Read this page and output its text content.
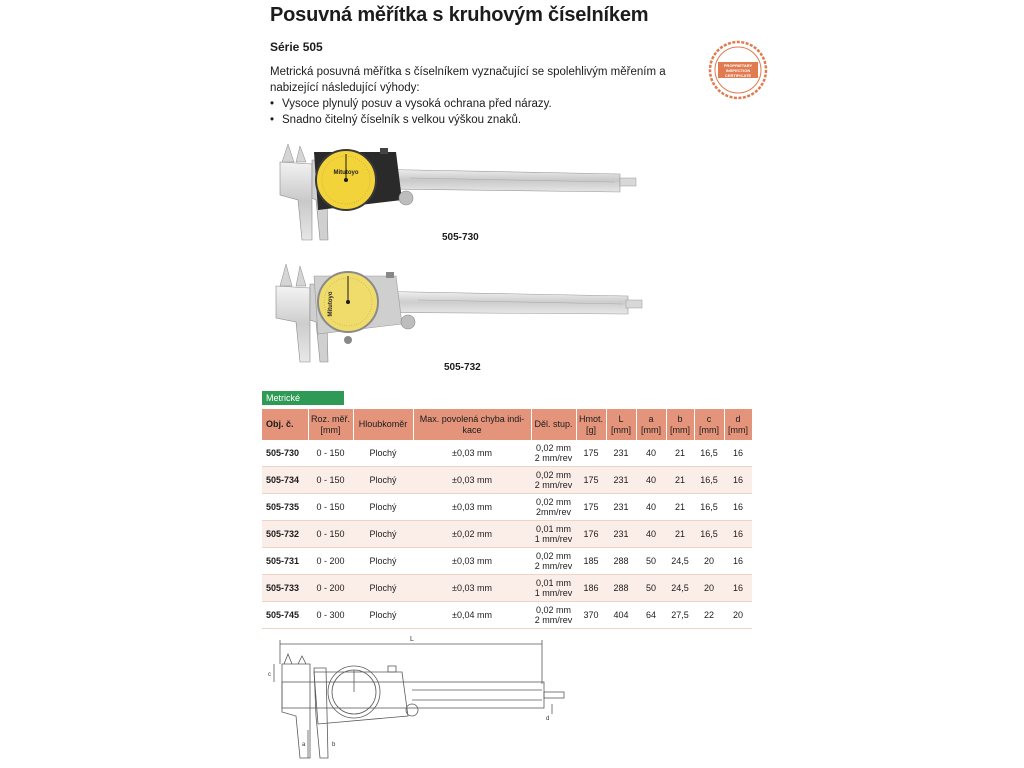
Posuvná měřítka s kruhovým číselníkem
Série 505

Metrická posuvná měřítka s číselníkem vyznačující se spolehlivým měřením a nabizející následující výhody:

• Vysoce plynulý posuv a vysoká ochrana před nárazy.
• Snadno čitelný číselník s velkou výškou znaků.
PROPRIETARY
INSPECTION
CERTIFICATE
Mitutoyo
505-730
Mitutoyo
505-732
Metrické
Obj. č.	Roz. měř.
[mm]	Hloubkoměr	Max. povolená chyba indi-
kace	Děl. stup.	Hmot.
[g]	L
[mm]	a
[mm]	b
[mm]	c
[mm]	d
[mm]
505-730	0 - 150	Plochý	±0,03 mm	0,02 mm
2 mm/rev	175	231	40	21	16,5	16
505-734	0 - 150	Plochý	±0,03 mm	0,02 mm
2 mm/rev	175	231	40	21	16,5	16
505-735	0 - 150	Plochý	±0,03 mm	0,02 mm
2mm/rev	175	231	40	21	16,5	16
505-732	0 - 150	Plochý	±0,02 mm	0,01 mm
1 mm/rev	176	231	40	21	16,5	16
505-731	0 - 200	Plochý	±0,03 mm	0,02 mm
2 mm/rev	185	288	50	24,5	20	16
505-733	0 - 200	Plochý	±0,03 mm	0,01 mm
1 mm/rev	186	288	50	24,5	20	16
505-745	0 - 300	Plochý	±0,04 mm	0,02 mm
2 mm/rev	370	404	64	27,5	22	20
L
c
d
a	b
